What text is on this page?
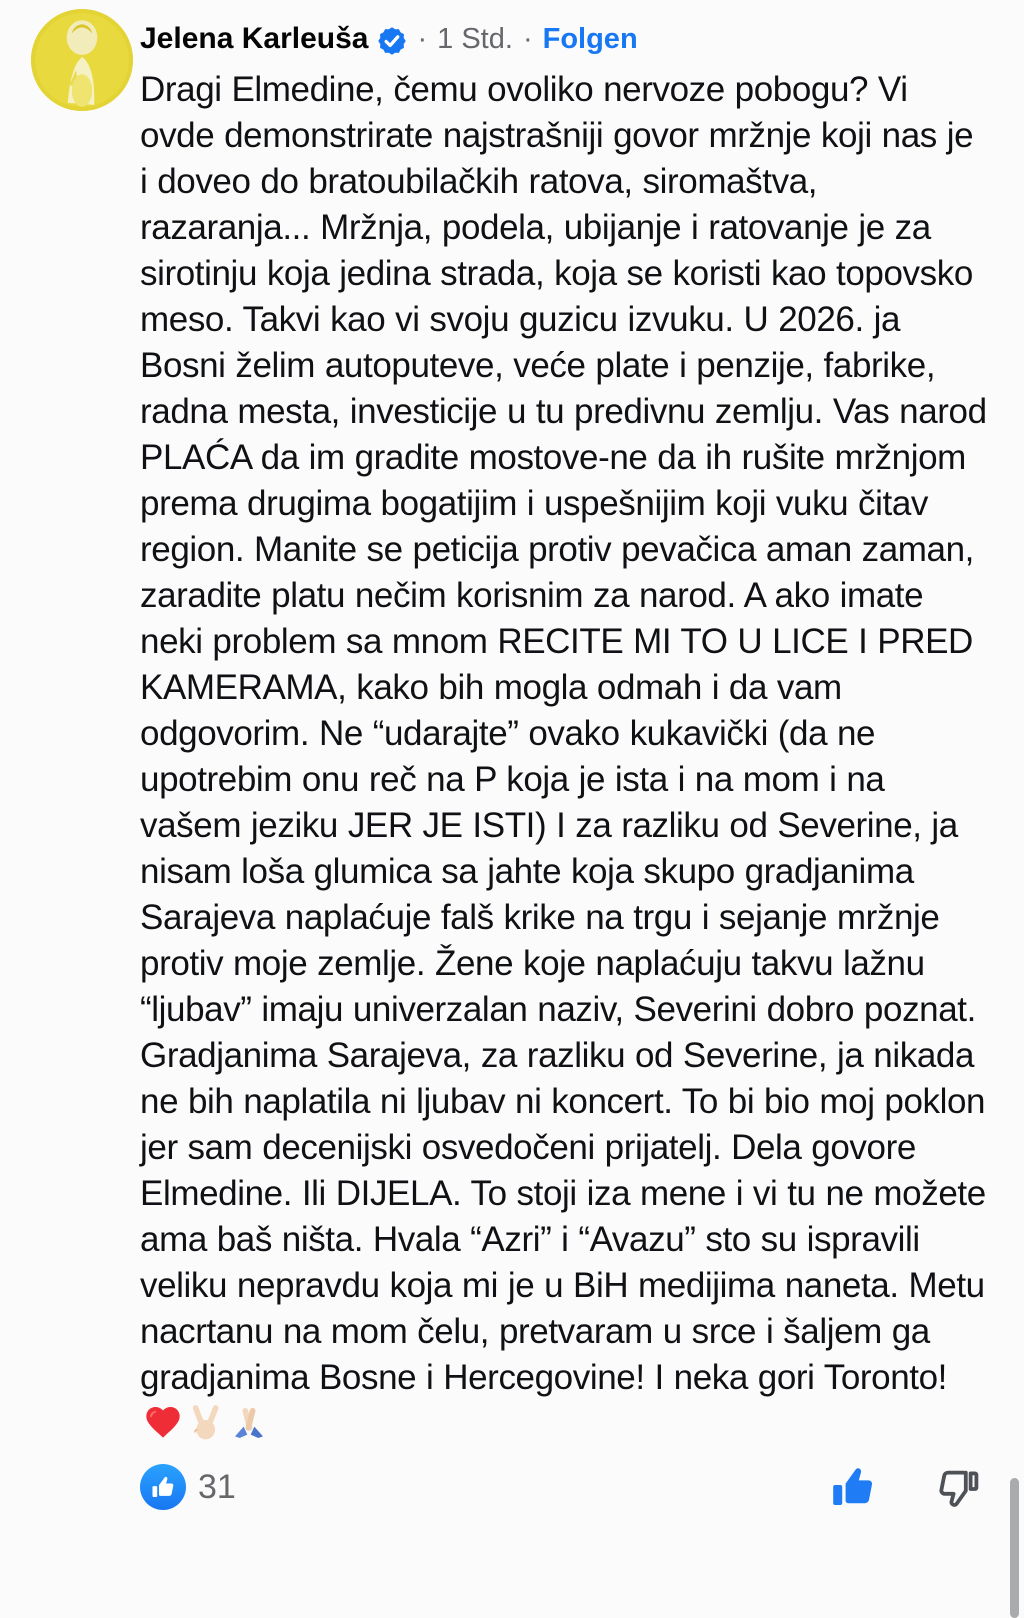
Jelena Karleuša · 1 Std. · Folgen
Dragi Elmedine, čemu ovoliko nervoze pobogu? Vi ovde demonstrirate najstrašniji govor mržnje koji nas je i doveo do bratoubilačkih ratova, siromaštva, razaranja... Mržnja, podela, ubijanje i ratovanje je za sirotinju koja jedina strada, koja se koristi kao topovsko meso. Takvi kao vi svoju guzicu izvuku. U 2026. ja Bosni želim autoputeve, veće plate i penzije, fabrike, radna mesta, investicije u tu predivnu zemlju. Vas narod PLAĆA da im gradite mostove-ne da ih rušite mržnjom prema drugima bogatijim i uspešnijim koji vuku čitav region. Manite se peticija protiv pevačica aman zaman, zaradite platu nečim korisnim za narod. A ako imate neki problem sa mnom RECITE MI TO U LICE I PRED KAMERAMA, kako bih mogla odmah i da vam odgovorim. Ne “udarajte” ovako kukavički (da ne upotrebim onu reč na P koja je ista i na mom i na vašem jeziku JER JE ISTI) I za razliku od Severine, ja nisam loša glumica sa jahte koja skupo gradjanima Sarajeva naplaćuje falš krike na trgu i sejanje mržnje protiv moje zemlje. Žene koje naplaćuju takvu lažnu “ljubav” imaju univerzalan naziv, Severini dobro poznat. Gradjanima Sarajeva, za razliku od Severine, ja nikada ne bih naplatila ni ljubav ni koncert. To bi bio moj poklon jer sam decenijski osvedočeni prijatelj. Dela govore Elmedine. Ili DIJELA. To stoji iza mene i vi tu ne možete ama baš ništa. Hvala “Azri” i “Avazu” sto su ispravili veliku nepravdu koja mi je u BiH medijima naneta. Metu nacrtanu na mom čelu, pretvaram u srce i šaljem ga gradjanima Bosne i Hercegovine! I neka gori Toronto!
31
